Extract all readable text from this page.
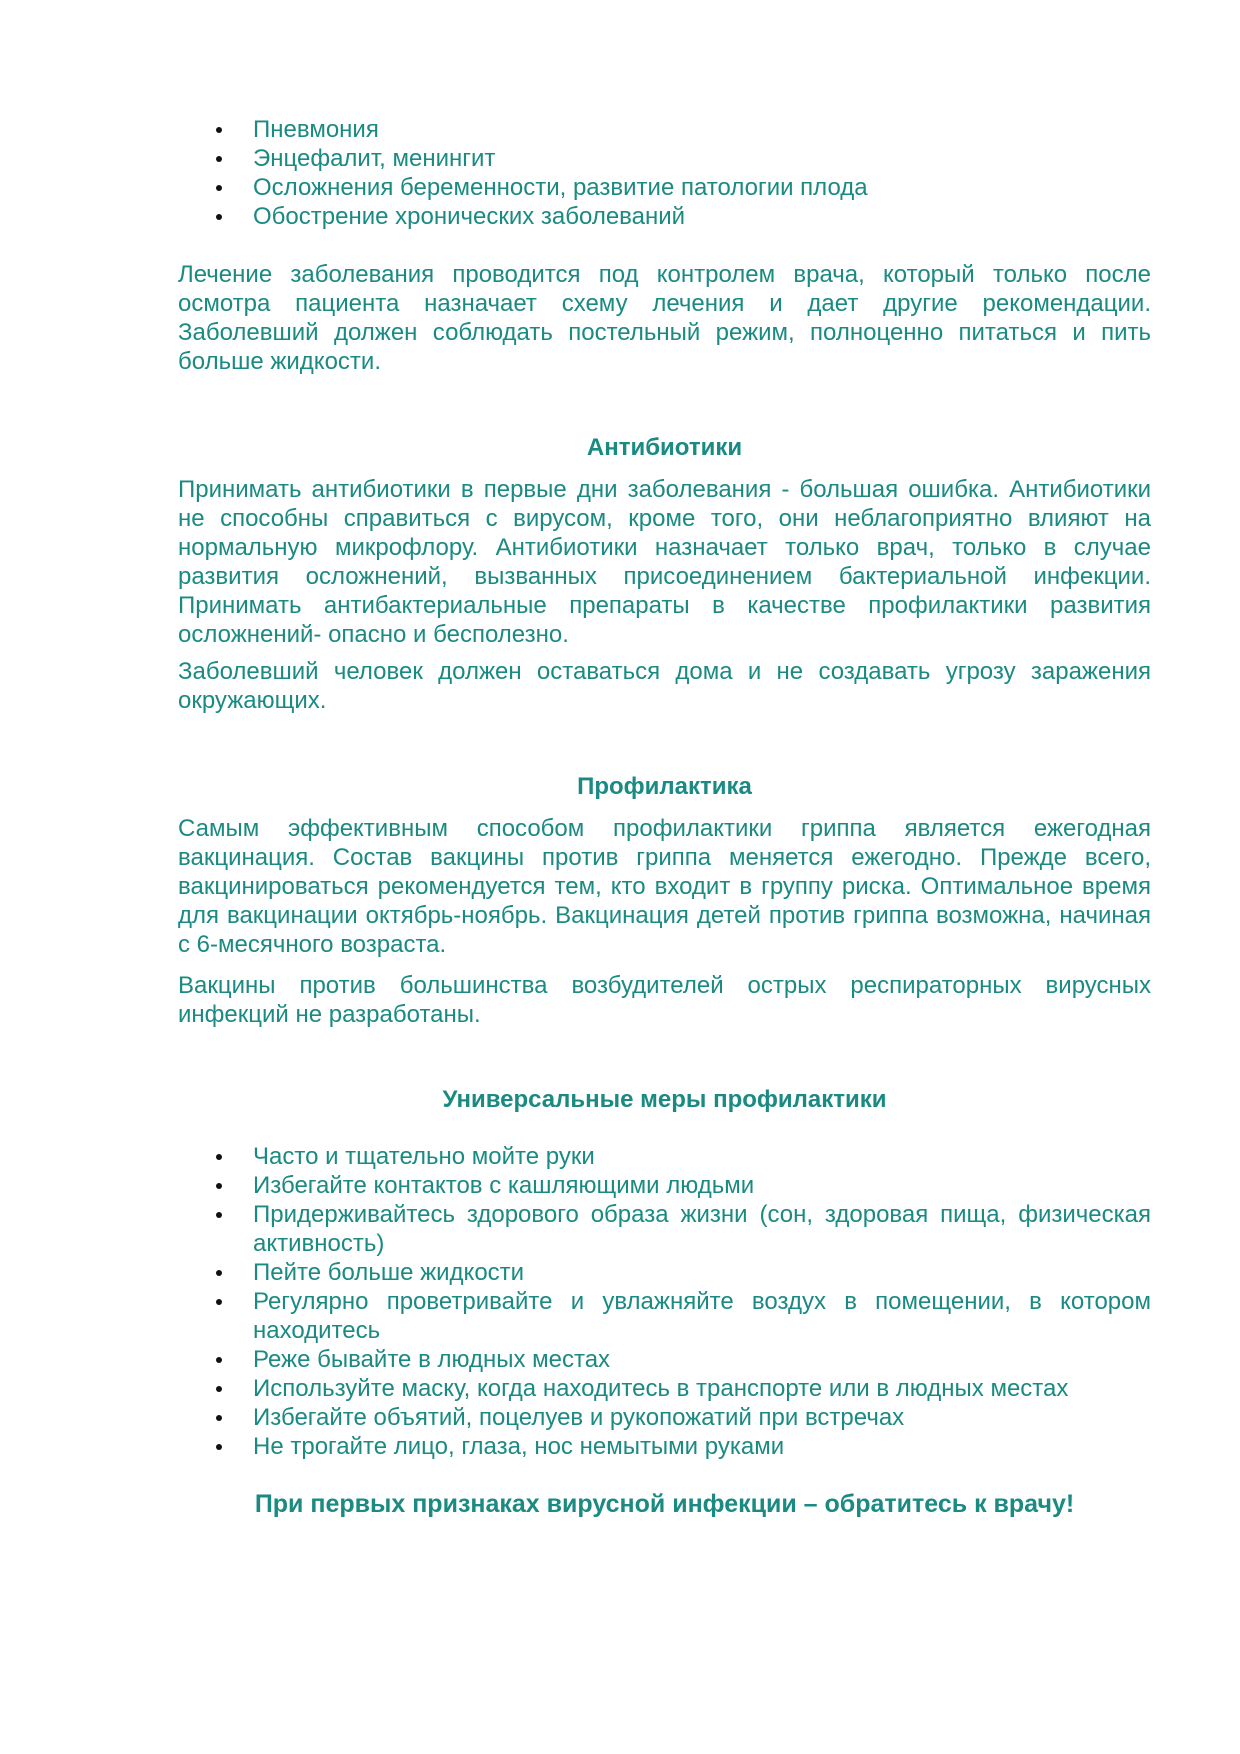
Пневмония
Энцефалит, менингит
Осложнения беременности, развитие патологии плода
Обострение хронических заболеваний

Лечение заболевания проводится под контролем врача, который только после осмотра пациента назначает схему лечения и дает другие рекомендации. Заболевший должен соблюдать постельный режим, полноценно питаться и пить больше жидкости.

Антибиотики

Принимать антибиотики в первые дни заболевания - большая ошибка. Антибиотики не способны справиться с вирусом, кроме того, они неблагоприятно влияют на нормальную микрофлору. Антибиотики назначает только врач, только в случае развития осложнений, вызванных присоединением бактериальной инфекции. Принимать антибактериальные препараты в качестве профилактики развития осложнений- опасно и бесполезно.

Заболевший человек должен оставаться дома и не создавать угрозу заражения окружающих.

Профилактика

Самым эффективным способом профилактики гриппа является ежегодная вакцинация. Состав вакцины против гриппа меняется ежегодно. Прежде всего, вакцинироваться рекомендуется тем, кто входит в группу риска. Оптимальное время для вакцинации октябрь-ноябрь. Вакцинация детей против гриппа возможна, начиная с 6-месячного возраста.

Вакцины против большинства возбудителей острых респираторных вирусных инфекций не разработаны.

Универсальные меры профилактики
Часто и тщательно мойте руки
Избегайте контактов с кашляющими людьми
Придерживайтесь здорового образа жизни (сон, здоровая пища, физическая активность)
Пейте больше жидкости
Регулярно проветривайте и увлажняйте воздух в помещении, в котором находитесь
Реже бывайте в людных местах
Используйте маску, когда находитесь в транспорте или в людных местах
Избегайте объятий, поцелуев и рукопожатий при встречах
Не трогайте лицо, глаза, нос немытыми руками

При первых признаках вирусной инфекции – обратитесь к врачу!
